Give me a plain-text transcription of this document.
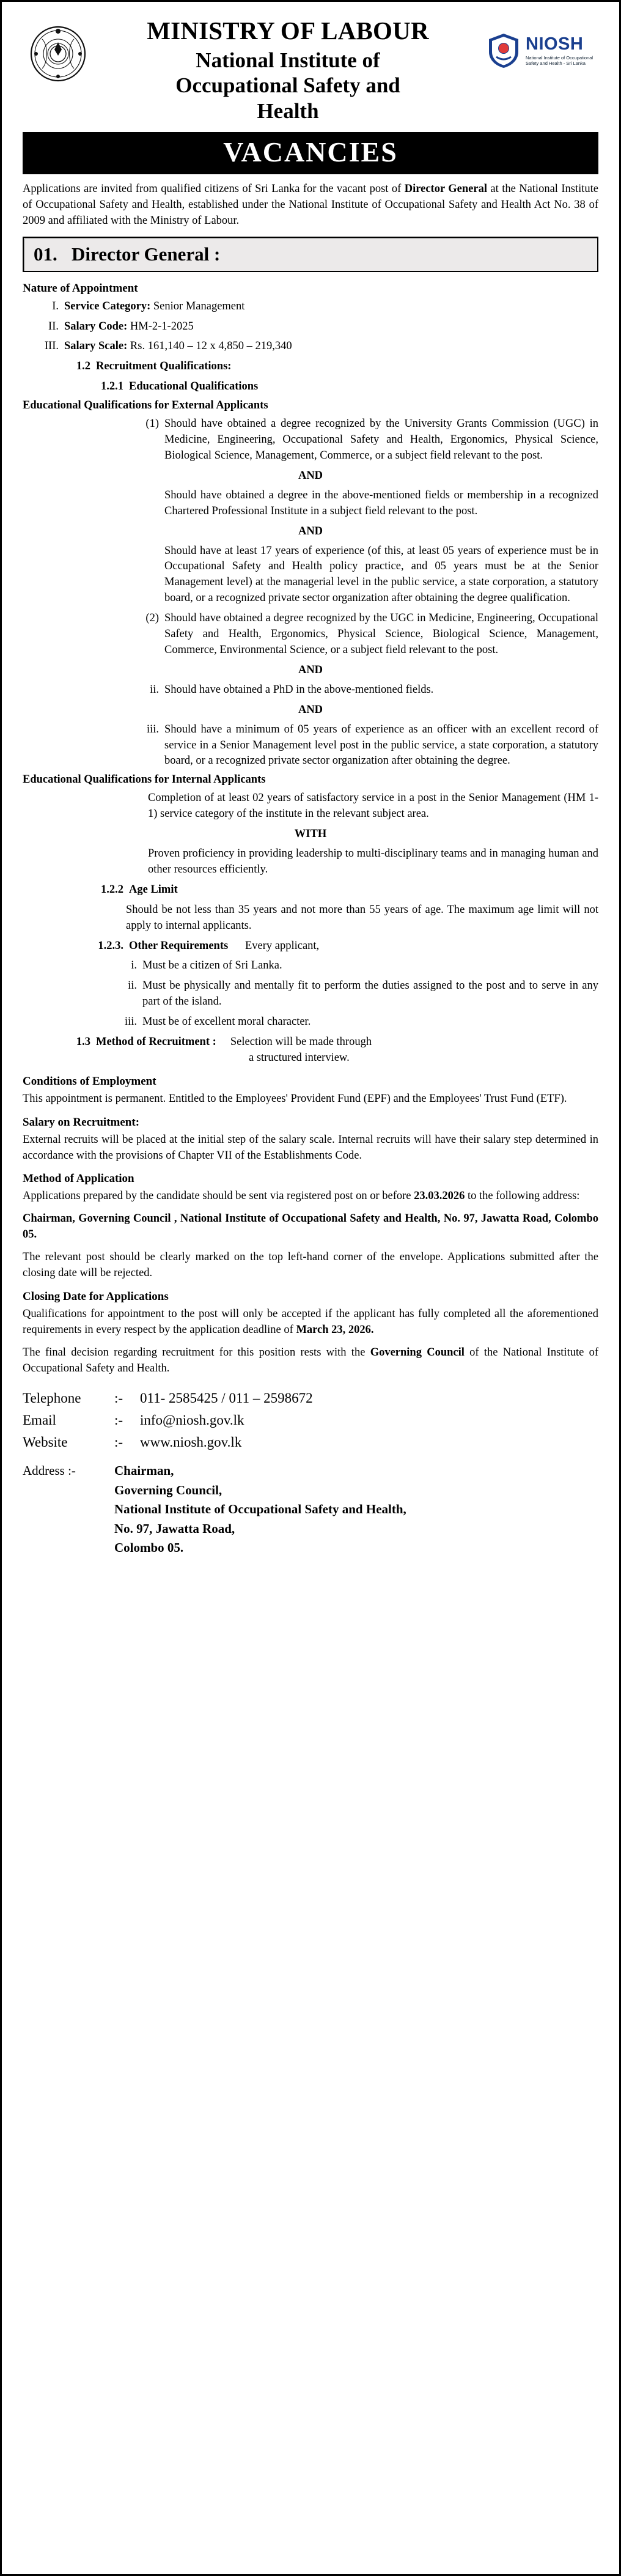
MINISTRY OF LABOUR
National Institute of
Occupational Safety and
Health
NIOSH
National Institute of Occupational Safety and Health - Sri Lanka
VACANCIES

Applications are invited from qualified citizens of Sri Lanka for the vacant post of Director General at the National Institute of Occupational Safety and Health, established under the National Institute of Occupational Safety and Health Act No. 38 of 2009 and affiliated with the Ministry of Labour.

01. Director General :
Nature of Appointment
I. Service Category: Senior Management
II. Salary Code: HM-2-1-2025
III. Salary Scale: Rs. 161,140 – 12 x 4,850 – 219,340
1.2 Recruitment Qualifications:
1.2.1 Educational Qualifications
Educational Qualifications for External Applicants
(1) Should have obtained a degree recognized by the University Grants Commission (UGC) in Medicine, Engineering, Occupational Safety and Health, Ergonomics, Physical Science, Biological Science, Management, Commerce, or a subject field relevant to the post.
AND
Should have obtained a degree in the above-mentioned fields or membership in a recognized Chartered Professional Institute in a subject field relevant to the post.
AND
Should have at least 17 years of experience (of this, at least 05 years of experience must be in Occupational Safety and Health policy practice, and 05 years must be at the Senior Management level) at the managerial level in the public service, a state corporation, a statutory board, or a recognized private sector organization after obtaining the degree qualification.
(2) Should have obtained a degree recognized by the UGC in Medicine, Engineering, Occupational Safety and Health, Ergonomics, Physical Science, Biological Science, Management, Commerce, Environmental Science, or a subject field relevant to the post.
AND
ii. Should have obtained a PhD in the above-mentioned fields.
AND
iii. Should have a minimum of 05 years of experience as an officer with an excellent record of service in a Senior Management level post in the public service, a state corporation, a statutory board, or a recognized private sector organization after obtaining the degree.
Educational Qualifications for Internal Applicants
Completion of at least 02 years of satisfactory service in a post in the Senior Management (HM 1-1) service category of the institute in the relevant subject area.
WITH
Proven proficiency in providing leadership to multi-disciplinary teams and in managing human and other resources efficiently.
1.2.2 Age Limit
Should be not less than 35 years and not more than 55 years of age. The maximum age limit will not apply to internal applicants.
1.2.3. Other Requirements Every applicant,
i. Must be a citizen of Sri Lanka.
ii. Must be physically and mentally fit to perform the duties assigned to the post and to serve in any part of the island.
iii. Must be of excellent moral character.
1.3 Method of Recruitment : Selection will be made through
a structured interview.
Conditions of Employment

This appointment is permanent. Entitled to the Employees' Provident Fund (EPF) and the Employees' Trust Fund (ETF).

Salary on Recruitment:

External recruits will be placed at the initial step of the salary scale. Internal recruits will have their salary step determined in accordance with the provisions of Chapter VII of the Establishments Code.

Method of Application

Applications prepared by the candidate should be sent via registered post on or before 23.03.2026 to the following address:

Chairman, Governing Council , National Institute of Occupational Safety and Health, No. 97, Jawatta Road, Colombo 05.

The relevant post should be clearly marked on the top left-hand corner of the envelope. Applications submitted after the closing date will be rejected.

Closing Date for Applications

Qualifications for appointment to the post will only be accepted if the applicant has fully completed all the aforementioned requirements in every respect by the application deadline of March 23, 2026.

The final decision regarding recruitment for this position rests with the Governing Council of the National Institute of Occupational Safety and Health.

Telephone	:-	011- 2585425 / 011 – 2598672
Email	:-	info@niosh.gov.lk
Website	:-	www.niosh.gov.lk
Address :-	Chairman,
Governing Council,
National Institute of Occupational Safety and Health,
No. 97, Jawatta Road,
Colombo 05.
